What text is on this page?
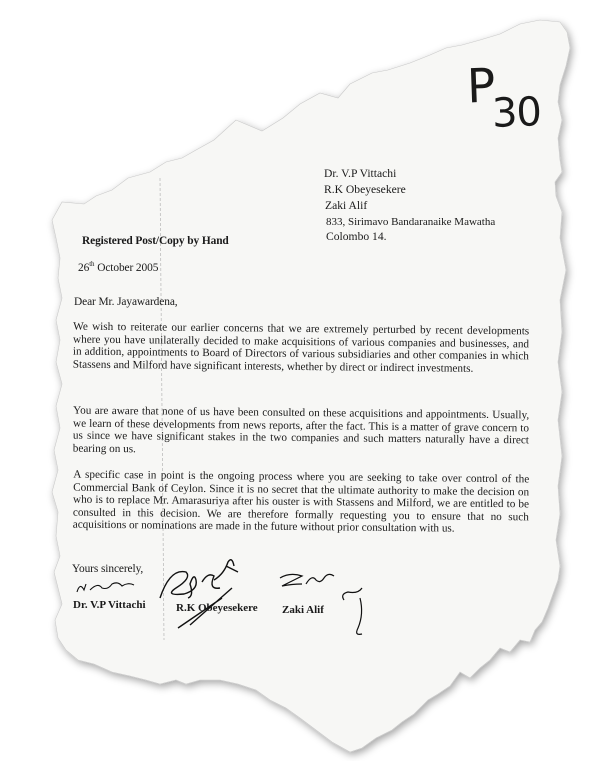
P
30
Dr. V.P Vittachi
R.K Obeyesekere
Zaki Alif
833, Sirimavo Bandaranaike Mawatha
Colombo 14.
Registered Post/Copy by Hand
26th October 2005
Dear Mr. Jayawardena,
We wish to reiterate our earlier concerns that we are extremely perturbed by recent developments where you have unilaterally decided to make acquisitions of various companies and businesses, and in addition, appointments to Board of Directors of various subsidiaries and other companies in which Stassens and Milford have significant interests, whether by direct or indirect investments.
You are aware that none of us have been consulted on these acquisitions and appointments. Usually, we learn of these developments from news reports, after the fact. This is a matter of grave concern to us since we have significant stakes in the two companies and such matters naturally have a direct bearing on us.
A specific case in point is the ongoing process where you are seeking to take over control of the Commercial Bank of Ceylon. Since it is no secret that the ultimate authority to make the decision on who is to replace Mr. Amarasuriya after his ouster is with Stassens and Milford, we are entitled to be consulted in this decision. We are therefore formally requesting you to ensure that no such acquisitions or nominations are made in the future without prior consultation with us.
Yours sincerely,
Dr. V.P Vittachi	R.K Obeyesekere Zaki Alif
